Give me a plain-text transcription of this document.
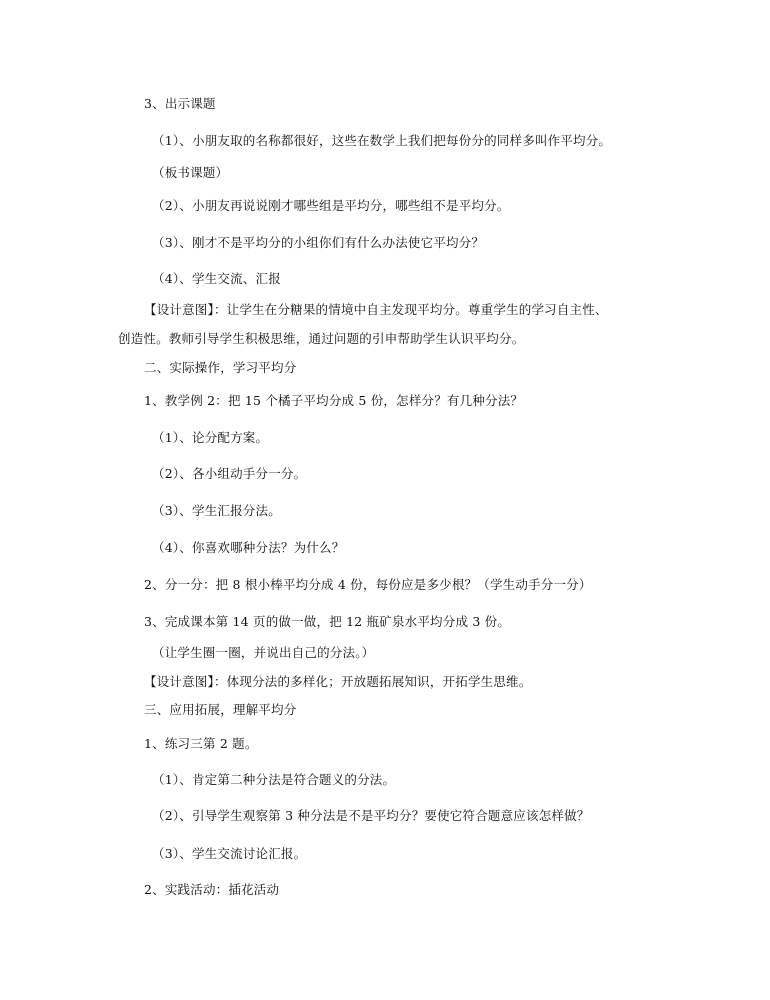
3、出示课题
（1）、小朋友取的名称都很好，这些在数学上我们把每份分的同样多叫作平均分。
（板书课题）
（2）、小朋友再说说刚才哪些组是平均分，哪些组不是平均分。
（3）、刚才不是平均分的小组你们有什么办法使它平均分？
（4）、学生交流、汇报
【设计意图】：让学生在分糖果的情境中自主发现平均分。尊重学生的学习自主性、
创造性。教师引导学生积极思维，通过问题的引申帮助学生认识平均分。
二、实际操作，学习平均分
1、教学例 2：把 15 个橘子平均分成 5 份，怎样分？有几种分法？
（1）、论分配方案。
（2）、各小组动手分一分。
（3）、学生汇报分法。
（4）、你喜欢哪种分法？为什么？
2、分一分：把 8 根小棒平均分成 4 份，每份应是多少根？（学生动手分一分）
3、完成课本第 14 页的做一做，把 12 瓶矿泉水平均分成 3 份。
（让学生圈一圈，并说出自己的分法。）
【设计意图】：体现分法的多样化；开放题拓展知识，开拓学生思维。
三、应用拓展，理解平均分
1、练习三第 2 题。
（1）、肯定第二种分法是符合题义的分法。
（2）、引导学生观察第 3 种分法是不是平均分？要使它符合题意应该怎样做？
（3）、学生交流讨论汇报。
2、实践活动：插花活动
